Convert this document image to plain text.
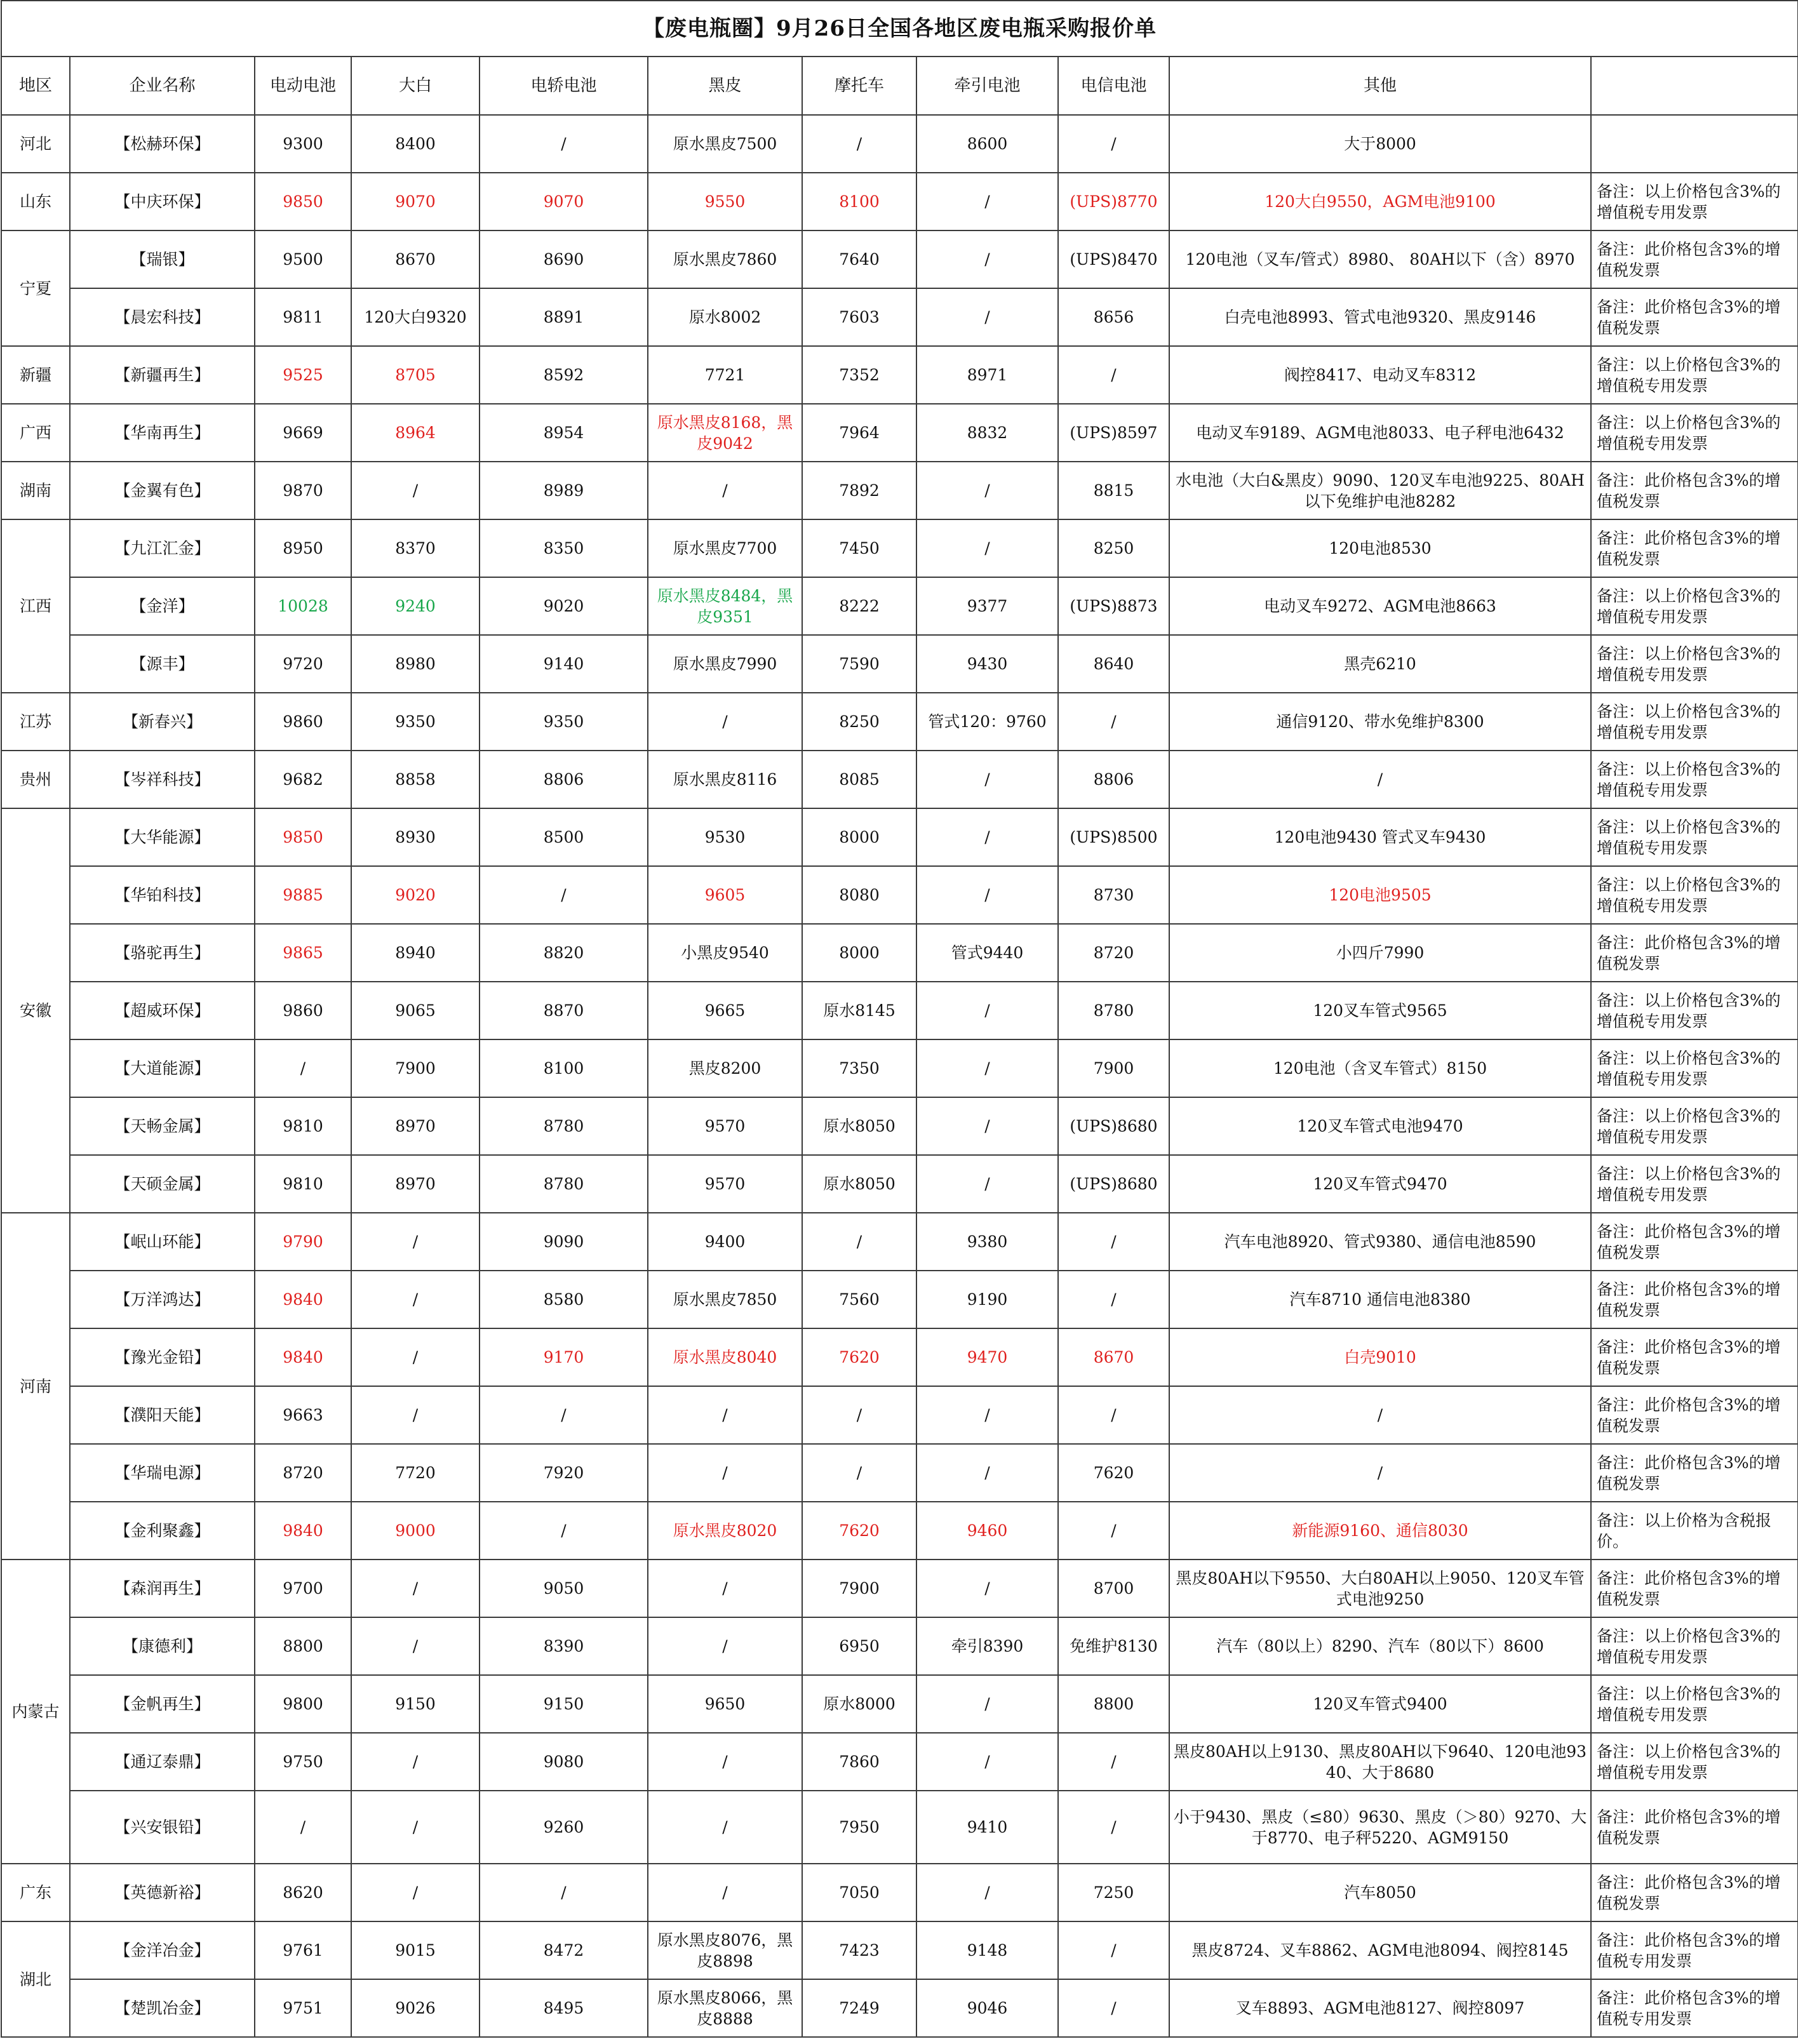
【废电瓶圈】9月26日全国各地区废电瓶采购报价单										
地区	企业名称	电动电池	大白	电轿电池	黑皮	摩托车	牵引电池	电信电池	其他	
河北	【松赫环保】	9300	8400	/	原水黑皮7500	/	8600	/	大于8000	
山东	【中庆环保】	9850	9070	9070	9550	8100	/	(UPS)8770	120大白9550，AGM电池9100	备注：以上价格包含3%的增值税专用发票
宁夏	【瑞银】	9500	8670	8690	原水黑皮7860	7640	/	(UPS)8470	120电池（叉车/管式）8980、 80AH以下（含）8970	备注：此价格包含3%的增值税发票
	【晨宏科技】	9811	120大白9320	8891	原水8002	7603	/	8656	白壳电池8993、管式电池9320、黑皮9146	备注：此价格包含3%的增值税发票
新疆	【新疆再生】	9525	8705	8592	7721	7352	8971	/	阀控8417、电动叉车8312	备注：以上价格包含3%的增值税专用发票
广西	【华南再生】	9669	8964	8954	原水黑皮8168，黑皮9042	7964	8832	(UPS)8597	电动叉车9189、AGM电池8033、电子秤电池6432	备注：以上价格包含3%的增值税专用发票
湖南	【金翼有色】	9870	/	8989	/	7892	/	8815	水电池（大白&黑皮）9090、120叉车电池9225、80AH以下免维护电池8282	备注：此价格包含3%的增值税发票
江西	【九江汇金】	8950	8370	8350	原水黑皮7700	7450	/	8250	120电池8530	备注：此价格包含3%的增值税发票
	【金洋】	10028	9240	9020	原水黑皮8484，黑皮9351	8222	9377	(UPS)8873	电动叉车9272、AGM电池8663	备注：以上价格包含3%的增值税专用发票
	【源丰】	9720	8980	9140	原水黑皮7990	7590	9430	8640	黑壳6210	备注：以上价格包含3%的增值税专用发票
江苏	【新春兴】	9860	9350	9350	/	8250	管式120：9760	/	通信9120、带水免维护8300	备注：以上价格包含3%的增值税专用发票
贵州	【岑祥科技】	9682	8858	8806	原水黑皮8116	8085	/	8806	/	备注：以上价格包含3%的增值税专用发票
安徽	【大华能源】	9850	8930	8500	9530	8000	/	(UPS)8500	120电池9430 管式叉车9430	备注：以上价格包含3%的增值税专用发票
	【华铂科技】	9885	9020	/	9605	8080	/	8730	120电池9505	备注：以上价格包含3%的增值税专用发票
	【骆驼再生】	9865	8940	8820	小黑皮9540	8000	管式9440	8720	小四斤7990	备注：此价格包含3%的增值税发票
	【超威环保】	9860	9065	8870	9665	原水8145	/	8780	120叉车管式9565	备注：以上价格包含3%的增值税专用发票
	【大道能源】	/	7900	8100	黑皮8200	7350	/	7900	120电池（含叉车管式）8150	备注：以上价格包含3%的增值税专用发票
	【天畅金属】	9810	8970	8780	9570	原水8050	/	(UPS)8680	120叉车管式电池9470	备注：以上价格包含3%的增值税专用发票
	【天硕金属】	9810	8970	8780	9570	原水8050	/	(UPS)8680	120叉车管式9470	备注：以上价格包含3%的增值税专用发票
河南	【岷山环能】	9790	/	9090	9400	/	9380	/	汽车电池8920、管式9380、通信电池8590	备注：此价格包含3%的增值税发票
	【万洋鸿达】	9840	/	8580	原水黑皮7850	7560	9190	/	汽车8710 通信电池8380	备注：此价格包含3%的增值税发票
	【豫光金铅】	9840	/	9170	原水黑皮8040	7620	9470	8670	白壳9010	备注：此价格包含3%的增值税发票
	【濮阳天能】	9663	/	/	/	/	/	/	/	备注：此价格包含3%的增值税发票
	【华瑞电源】	8720	7720	7920	/	/	/	7620	/	备注：此价格包含3%的增值税发票
	【金利聚鑫】	9840	9000	/	原水黑皮8020	7620	9460	/	新能源9160、通信8030	备注：以上价格为含税报价。
内蒙古	【森润再生】	9700	/	9050	/	7900	/	8700	黑皮80AH以下9550、大白80AH以上9050、120叉车管式电池9250	备注：此价格包含3%的增值税发票
	【康德利】	8800	/	8390	/	6950	牵引8390	免维护8130	汽车（80以上）8290、汽车（80以下）8600	备注：以上价格包含3%的增值税专用发票
	【金帆再生】	9800	9150	9150	9650	原水8000	/	8800	120叉车管式9400	备注：以上价格包含3%的增值税专用发票
	【通辽泰鼎】	9750	/	9080	/	7860	/	/	黑皮80AH以上9130、黑皮80AH以下9640、120电池9340、大于8680	备注：以上价格包含3%的增值税专用发票
	【兴安银铅】	/	/	9260	/	7950	9410	/	小于9430、黑皮（≤80）9630、黑皮（＞80）9270、大于8770、电子秤5220、AGM9150	备注：此价格包含3%的增值税发票
广东	【英德新裕】	8620	/	/	/	7050	/	7250	汽车8050	备注：此价格包含3%的增值税发票
湖北	【金洋冶金】	9761	9015	8472	原水黑皮8076，黑皮8898	7423	9148	/	黑皮8724、叉车8862、AGM电池8094、阀控8145	备注：此价格包含3%的增值税专用发票
	【楚凯冶金】	9751	9026	8495	原水黑皮8066，黑皮8888	7249	9046	/	叉车8893、AGM电池8127、阀控8097	备注：此价格包含3%的增值税专用发票
